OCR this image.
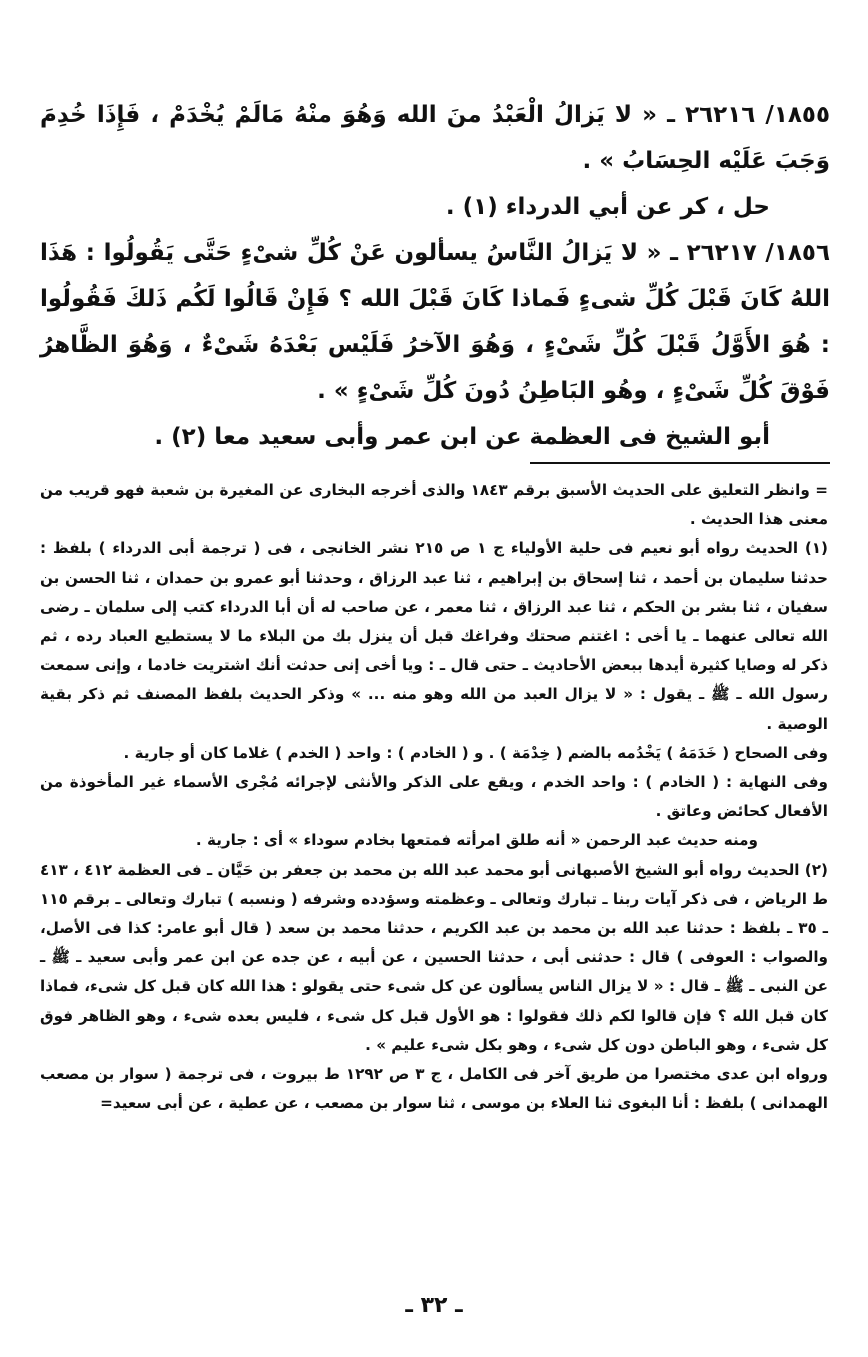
١٨٥٥/ ٢٦٢١٦ ـ « لا يَزالُ الْعَبْدُ منَ الله وَهُوَ منْهُ مَالَمْ يُخْدَمْ ، فَإِذَا خُدِمَ وَجَبَ عَلَيْه الحِسَابُ » .

حل ، كر عن أبي الدرداء (١) .

١٨٥٦/ ٢٦٢١٧ ـ « لا يَزالُ النَّاسُ يسألون عَنْ كُلِّ شىْءٍ حَتَّى يَقُولُوا : هَذَا اللهُ كَانَ قَبْلَ كُلِّ شىءٍ فَماذا كَانَ قَبْلَ الله ؟ فَإِنْ قَالُوا لَكُم ذَلكَ فَقُولُوا : هُوَ الأَوَّلُ قَبْلَ كُلِّ شَىْءٍ ، وَهُوَ الآخرُ فَلَيْس بَعْدَهُ شَىْءٌ ، وَهُوَ الظَّاهرُ فَوْقَ كُلِّ شَىْءٍ ، وهُو البَاطِنُ دُونَ كُلِّ شَىْءٍ » .

أبو الشيخ فى العظمة عن ابن عمر وأبى سعيد معا (٢) .

= وانظر التعليق على الحديث الأسبق برقم ١٨٤٣ والذى أخرجه البخارى عن المغيرة بن شعبة فهو قريب من معنى هذا الحديث .

(١) الحديث رواه أبو نعيم فى حلية الأولياء ج ١ ص ٢١٥ نشر الخانجى ، فى ( ترجمة أبى الدرداء ) بلفظ : حدثنا سليمان بن أحمد ، ثنا إسحاق بن إبراهيم ، ثنا عبد الرزاق ، وحدثنا أبو عمرو بن حمدان ، ثنا الحسن بن سفيان ، ثنا بشر بن الحكم ، ثنا عبد الرزاق ، ثنا معمر ، عن صاحب له أن أبا الدرداء كتب إلى سلمان ـ رضى الله تعالى عنهما ـ يا أخى : اغتنم صحتك وفراغك قبل أن ينزل بك من البلاء ما لا يستطيع العباد رده ، ثم ذكر له وصايا كثيرة أيدها ببعض الأحاديث ـ حتى قال ـ : ويا أخى إنى حدثت أنك اشتريت خادما ، وإنى سمعت رسول الله ـ ﷺ ـ يقول : « لا يزال العبد من الله وهو منه ... » وذكر الحديث بلفظ المصنف ثم ذكر بقية الوصية .

وفى الصحاح ( خَدَمَهُ ) يَخْدُمه بالضم ( خِدْمَة ) . و ( الخادم ) : واحد ( الخدم ) غلاما كان أو جارية .

وفى النهاية : ( الخادم ) : واحد الخدم ، ويقع على الذكر والأنثى لإجرائه مُجْرى الأسماء غير المأخوذة من الأفعال كحائض وعاتق .

ومنه حديث عبد الرحمن « أنه طلق امرأته فمتعها بخادم سوداء » أى : جارية .

(٢) الحديث رواه أبو الشيخ الأصبهانى أبو محمد عبد الله بن محمد بن جعفر بن حَيَّان ـ فى العظمة ٤١٢ ، ٤١٣ ط الرياض ، فى ذكر آيات ربنا ـ تبارك وتعالى ـ وعظمته وسؤدده وشرفه ( ونسبه ) تبارك وتعالى ـ برقم ١١٥ ـ ٣٥ ـ بلفظ : حدثنا عبد الله بن محمد بن عبد الكريم ، حدثنا محمد بن سعد ( قال أبو عامر: كذا فى الأصل، والصواب : العوفى ) قال : حدثنى أبى ، حدثنا الحسين ، عن أبيه ، عن جده عن ابن عمر وأبى سعيد ـ ﷺ ـ عن النبى ـ ﷺ ـ قال : « لا يزال الناس يسألون عن كل شىء حتى يقولو : هذا الله كان قبل كل شىء، فماذا كان قبل الله ؟ فإن قالوا لكم ذلك فقولوا : هو الأول قبل كل شىء ، فليس بعده شىء ، وهو الظاهر فوق كل شىء ، وهو الباطن دون كل شىء ، وهو بكل شىء عليم » .

ورواه ابن عدى مختصرا من طريق آخر فى الكامل ، ج ٣ ص ١٢٩٢ ط بيروت ، فى ترجمة ( سوار بن مصعب الهمدانى ) بلفظ : أنا البغوى ثنا العلاء بن موسى ، ثنا سوار بن مصعب ، عن عطية ، عن أبى سعيد=

ـ ٣٢ ـ
